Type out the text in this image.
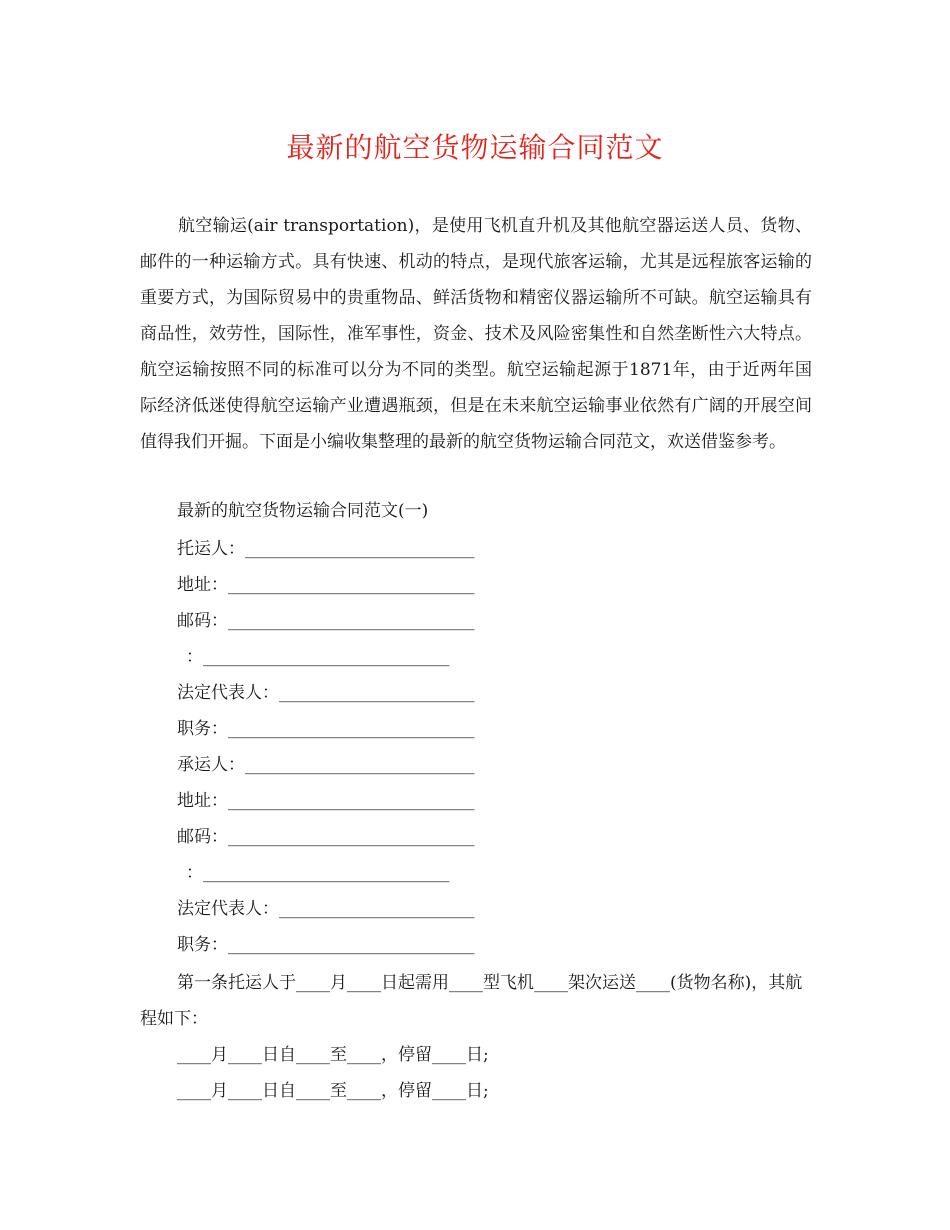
最新的航空货物运输合同范文

航空输运(air transportation)，是使用飞机直升机及其他航空器运送人员、货物、邮件的一种运输方式。具有快速、机动的特点，是现代旅客运输，尤其是远程旅客运输的重要方式，为国际贸易中的贵重物品、鲜活货物和精密仪器运输所不可缺。航空运输具有商品性，效劳性，国际性，准军事性，资金、技术及风险密集性和自然垄断性六大特点。航空运输按照不同的标准可以分为不同的类型。航空运输起源于1871年，由于近两年国际经济低迷使得航空运输产业遭遇瓶颈，但是在未来航空运输事业依然有广阔的开展空间值得我们开掘。下面是小编收集整理的最新的航空货物运输合同范文，欢送借鉴参考。

最新的航空货物运输合同范文(一)

托运人：___________________________

地址：_____________________________

邮码：_____________________________

：_____________________________

法定代表人：_______________________

职务：_____________________________

承运人：___________________________

地址：_____________________________

邮码：_____________________________

：_____________________________

法定代表人：_______________________

职务：_____________________________

第一条托运人于____月____日起需用____型飞机____架次运送____(货物名称)，其航程如下：

____月____日自____至____，停留____日;

____月____日自____至____，停留____日;
